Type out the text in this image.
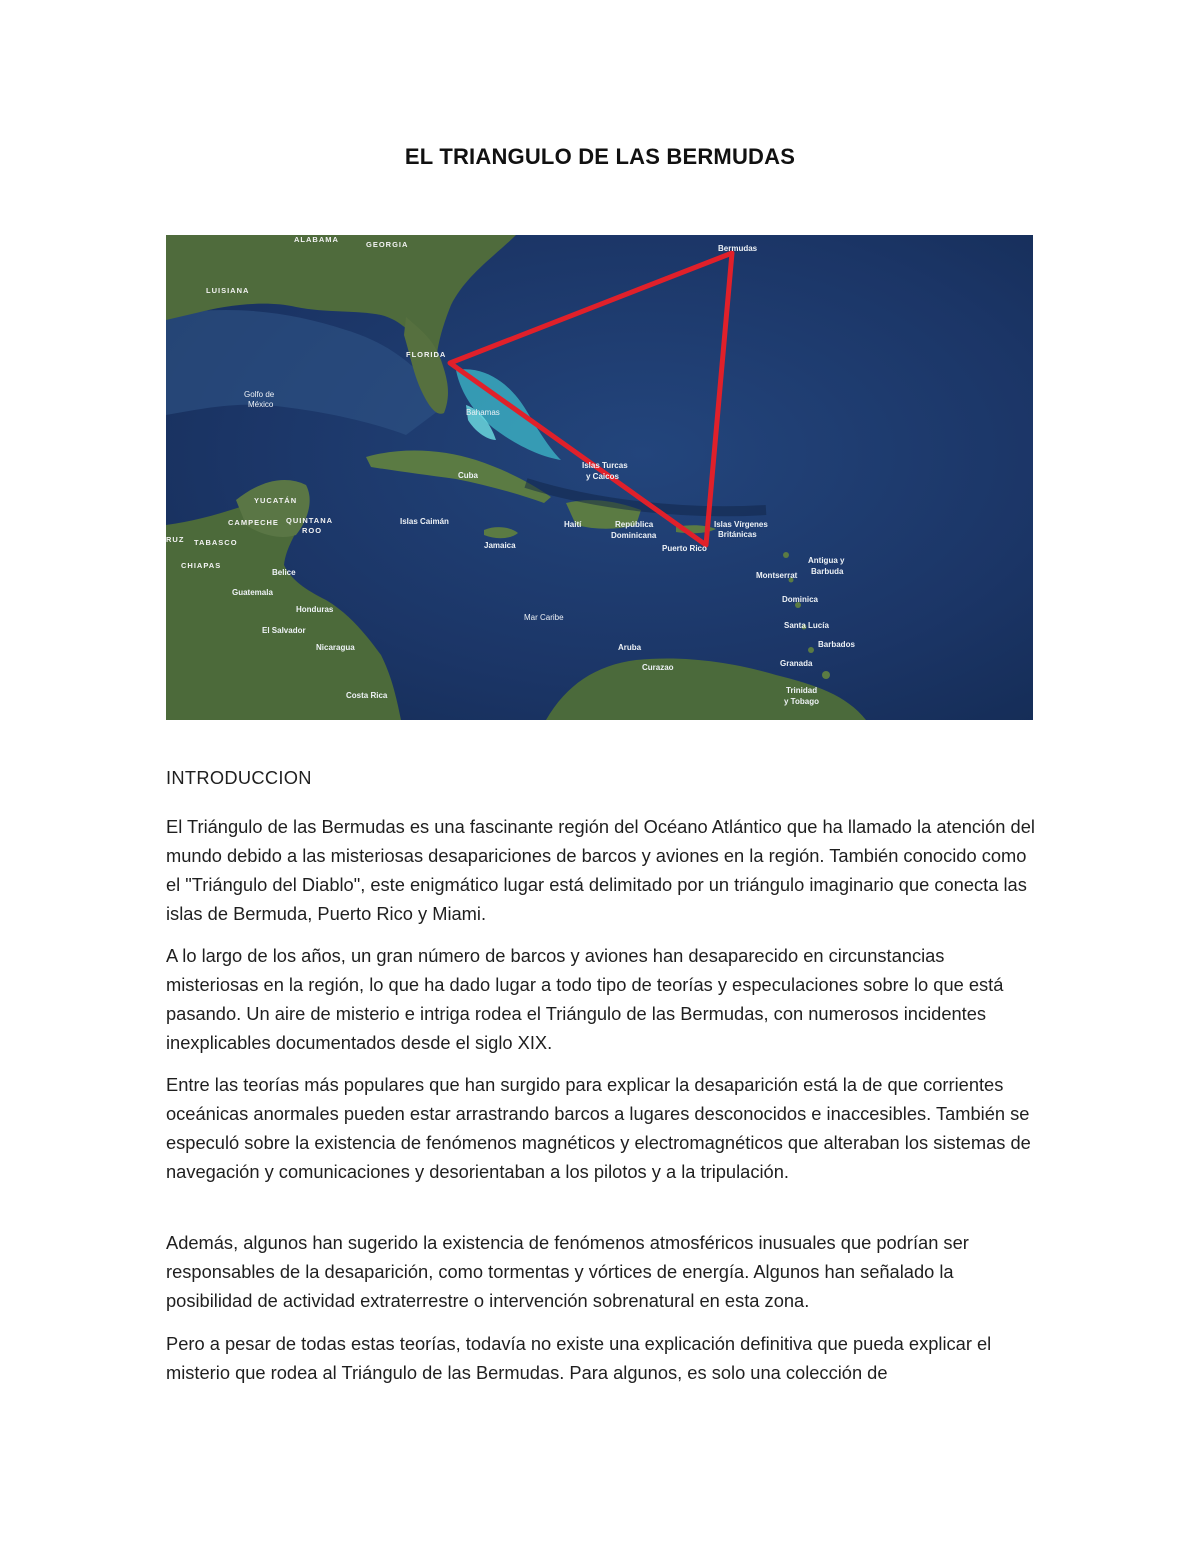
EL TRIANGULO DE LAS BERMUDAS
ALABAMA
GEORGIA
LUISIANA
FLORIDA
Golfo de
México
Bahamas
Cuba
Islas Turcas
y Caicos
Bermudas
YUCATÁN
CAMPECHE QUINTANA
ROO
RUZ TABASCO
CHIAPAS
Belice
Guatemala
Honduras
El Salvador
Nicaragua
Costa Rica
Islas Caimán
Jamaica
Haití	República
Dominicana
Puerto Rico
Islas Vírgenes
Británicas
Antigua y
Barbuda
Montserrat
Dominica
Santa Lucía
Barbados
Granada
Trinidad
y Tobago
Mar Caribe
Aruba
Curazao
INTRODUCCION

El Triángulo de las Bermudas es una fascinante región del Océano Atlántico que ha llamado la atención del mundo debido a las misteriosas desapariciones de barcos y aviones en la región. También conocido como el "Triángulo del Diablo", este enigmático lugar está delimitado por un triángulo imaginario que conecta las islas de Bermuda, Puerto Rico y Miami.

A lo largo de los años, un gran número de barcos y aviones han desaparecido en circunstancias misteriosas en la región, lo que ha dado lugar a todo tipo de teorías y especulaciones sobre lo que está pasando. Un aire de misterio e intriga rodea el Triángulo de las Bermudas, con numerosos incidentes inexplicables documentados desde el siglo XIX.

Entre las teorías más populares que han surgido para explicar la desaparición está la de que corrientes oceánicas anormales pueden estar arrastrando barcos a lugares desconocidos e inaccesibles. También se especuló sobre la existencia de fenómenos magnéticos y electromagnéticos que alteraban los sistemas de navegación y comunicaciones y desorientaban a los pilotos y a la tripulación.

Además, algunos han sugerido la existencia de fenómenos atmosféricos inusuales que podrían ser responsables de la desaparición, como tormentas y vórtices de energía. Algunos han señalado la posibilidad de actividad extraterrestre o intervención sobrenatural en esta zona.

Pero a pesar de todas estas teorías, todavía no existe una explicación definitiva que pueda explicar el misterio que rodea al Triángulo de las Bermudas. Para algunos, es solo una colección de
